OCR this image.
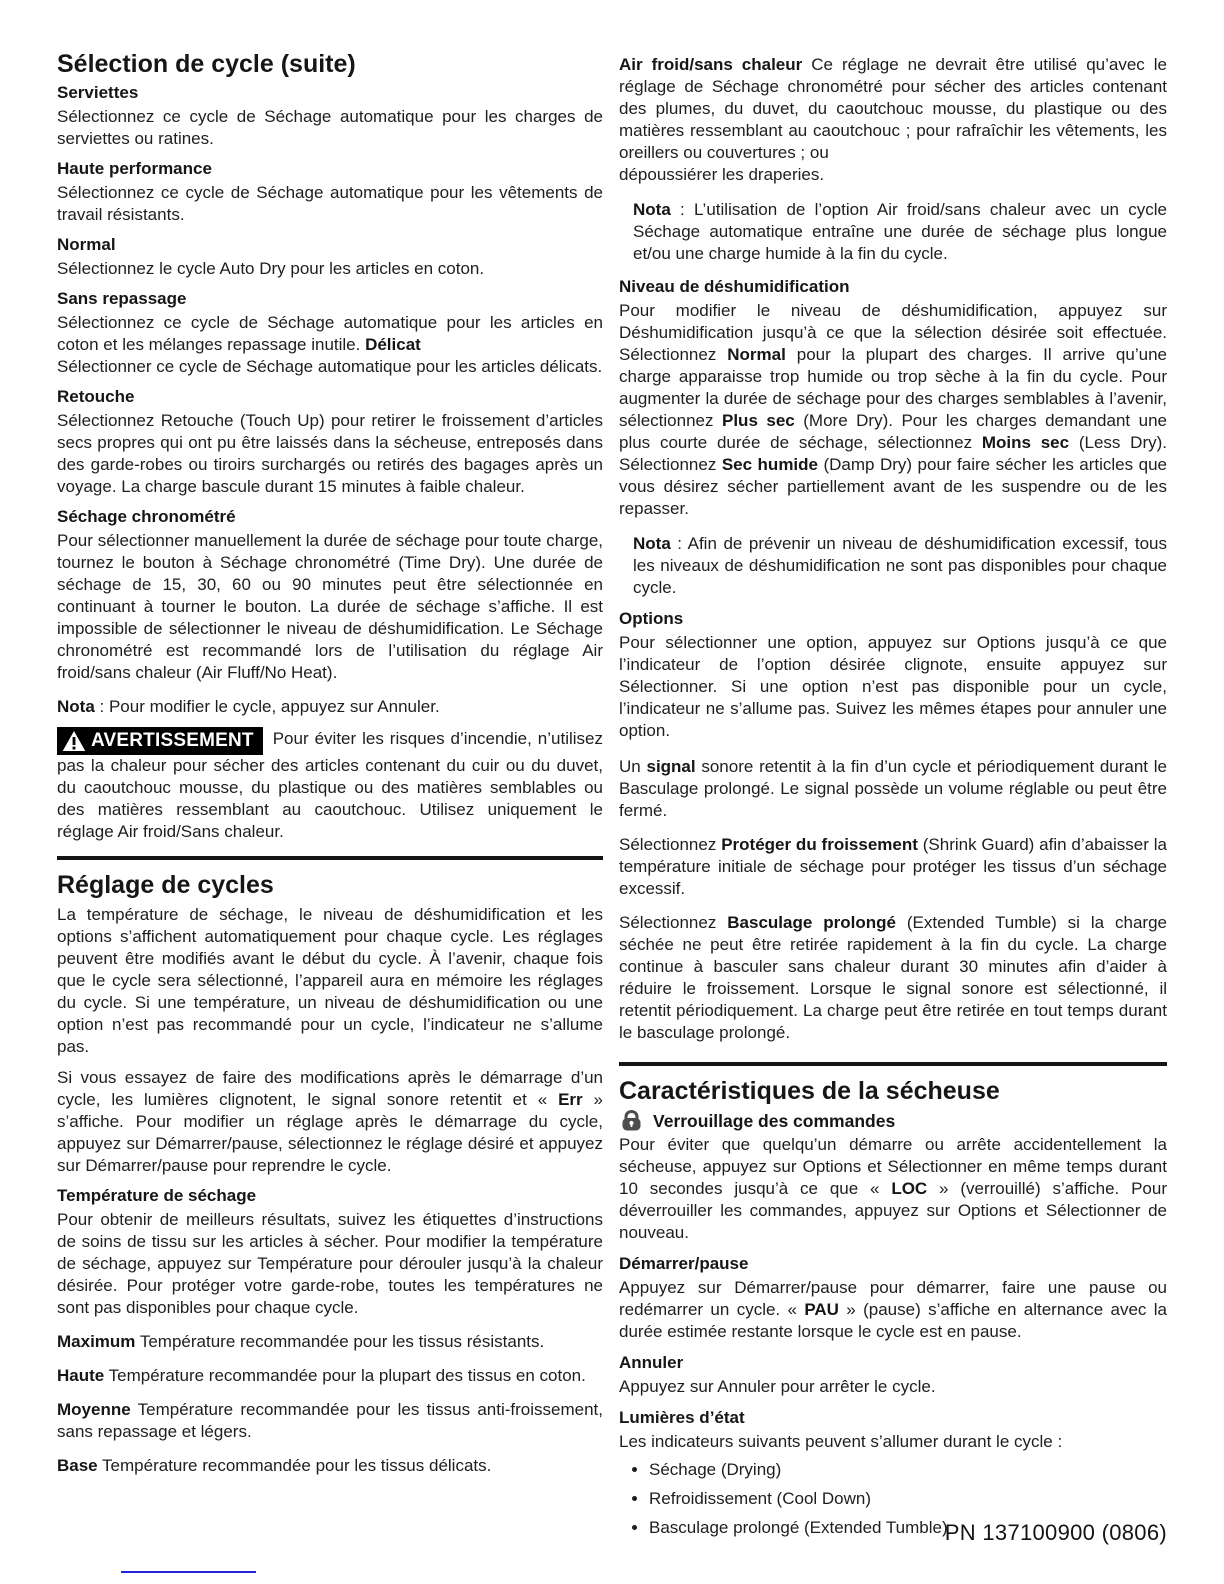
Sélection de cycle (suite)
Serviettes

Sélectionnez ce cycle de Séchage automatique pour les charges de serviettes ou ratines.

Haute performance

Sélectionnez ce cycle de Séchage automatique pour les vêtements de travail résistants.

Normal

Sélectionnez le cycle Auto Dry pour les articles en coton.

Sans repassage

Sélectionnez ce cycle de Séchage automatique pour les articles en coton et les mélanges repassage inutile. Délicat
Sélectionner ce cycle de Séchage automatique pour les articles délicats.

Retouche

Sélectionnez Retouche (Touch Up) pour retirer le froissement d’articles secs propres qui ont pu être laissés dans la sécheuse, entreposés dans des garde-robes ou tiroirs surchargés ou retirés des bagages après un voyage. La charge bascule durant 15 minutes à faible chaleur.

Séchage chronométré

Pour sélectionner manuellement la durée de séchage pour toute charge, tournez le bouton à Séchage chronométré (Time Dry). Une durée de séchage de 15, 30, 60 ou 90 minutes peut être sélectionnée en continuant à tourner le bouton. La durée de séchage s’affiche. Il est impossible de sélectionner le niveau de déshumidification. Le Séchage chronométré est recommandé lors de l’utilisation du réglage Air froid/sans chaleur (Air Fluff/No Heat).

Nota : Pour modifier le cycle, appuyez sur Annuler.

AVERTISSEMENT Pour éviter les risques d’incendie, n’utilisez pas la chaleur pour sécher des articles contenant du cuir ou du duvet, du caoutchouc mousse, du plastique ou des matières semblables ou des matières ressemblant au caoutchouc. Utilisez uniquement le réglage Air froid/Sans chaleur.

Réglage de cycles

La température de séchage, le niveau de déshumidification et les options s’affichent automatiquement pour chaque cycle. Les réglages peuvent être modifiés avant le début du cycle. À l’avenir, chaque fois que le cycle sera sélectionné, l’appareil aura en mémoire les réglages du cycle. Si une température, un niveau de déshumidification ou une option n’est pas recommandé pour un cycle, l’indicateur ne s’allume pas.

Si vous essayez de faire des modifications après le démarrage d’un cycle, les lumières clignotent, le signal sonore retentit et « Err » s’affiche. Pour modifier un réglage après le démarrage du cycle, appuyez sur Démarrer/pause, sélectionnez le réglage désiré et appuyez sur Démarrer/pause pour reprendre le cycle.

Température de séchage

Pour obtenir de meilleurs résultats, suivez les étiquettes d’instructions de soins de tissu sur les articles à sécher. Pour modifier la température de séchage, appuyez sur Température pour dérouler jusqu’à la chaleur désirée. Pour protéger votre garde-robe, toutes les températures ne sont pas disponibles pour chaque cycle.

Maximum Température recommandée pour les tissus résistants.

Haute Température recommandée pour la plupart des tissus en coton.

Moyenne Température recommandée pour les tissus anti-froissement, sans repassage et légers.

Base Température recommandée pour les tissus délicats.

Air froid/sans chaleur Ce réglage ne devrait être utilisé qu’avec le réglage de Séchage chronométré pour sécher des articles contenant des plumes, du duvet, du caoutchouc mousse, du plastique ou des matières ressemblant au caoutchouc ; pour rafraîchir les vêtements, les oreillers ou couvertures ; ou
dépoussiérer les draperies.

Nota : L’utilisation de l’option Air froid/sans chaleur avec un cycle Séchage automatique entraîne une durée de séchage plus longue et/ou une charge humide à la fin du cycle.

Niveau de déshumidification

Pour modifier le niveau de déshumidification, appuyez sur Déshumidification jusqu’à ce que la sélection désirée soit effectuée. Sélectionnez Normal pour la plupart des charges. Il arrive qu’une charge apparaisse trop humide ou trop sèche à la fin du cycle. Pour augmenter la durée de séchage pour des charges semblables à l’avenir, sélectionnez Plus sec (More Dry). Pour les charges demandant une plus courte durée de séchage, sélectionnez Moins sec (Less Dry). Sélectionnez Sec humide (Damp Dry) pour faire sécher les articles que vous désirez sécher partiellement avant de les suspendre ou de les repasser.

Nota : Afin de prévenir un niveau de déshumidification excessif, tous les niveaux de déshumidification ne sont pas disponibles pour chaque cycle.

Options

Pour sélectionner une option, appuyez sur Options jusqu’à ce que l’indicateur de l’option désirée clignote, ensuite appuyez sur Sélectionner. Si une option n’est pas disponible pour un cycle, l’indicateur ne s’allume pas. Suivez les mêmes étapes pour annuler une option.

Un signal sonore retentit à la fin d’un cycle et périodiquement durant le Basculage prolongé. Le signal possède un volume réglable ou peut être fermé.

Sélectionnez Protéger du froissement (Shrink Guard) afin d’abaisser la température initiale de séchage pour protéger les tissus d’un séchage excessif.

Sélectionnez Basculage prolongé (Extended Tumble) si la charge séchée ne peut être retirée rapidement à la fin du cycle. La charge continue à basculer sans chaleur durant 30 minutes afin d’aider à réduire le froissement. Lorsque le signal sonore est sélectionné, il retentit périodiquement. La charge peut être retirée en tout temps durant le basculage prolongé.

Caractéristiques de la sécheuse
Verrouillage des commandes

Pour éviter que quelqu’un démarre ou arrête accidentellement la sécheuse, appuyez sur Options et Sélectionner en même temps durant 10 secondes jusqu’à ce que « LOC » (verrouillé) s’affiche. Pour déverrouiller les commandes, appuyez sur Options et Sélectionner de nouveau.

Démarrer/pause

Appuyez sur Démarrer/pause pour démarrer, faire une pause ou redémarrer un cycle. « PAU » (pause) s’affiche en alternance avec la durée estimée restante lorsque le cycle est en pause.

Annuler

Appuyez sur Annuler pour arrêter le cycle.

Lumières d’état

Les indicateurs suivants peuvent s’allumer durant le cycle :

• Séchage (Drying)
• Refroidissement (Cool Down)
• Basculage prolongé (Extended Tumble)
PN 137100900 (0806)
